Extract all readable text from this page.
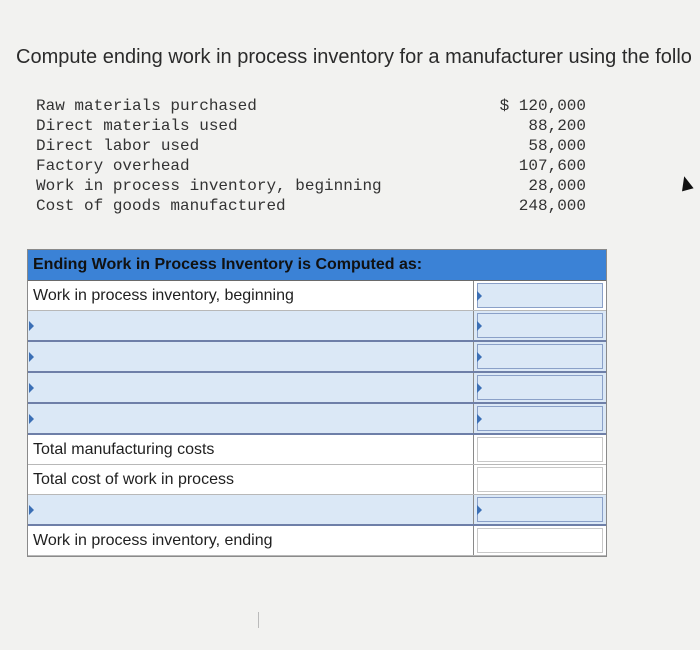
Compute ending work in process inventory for a manufacturer using the follo
Raw materials purchased	$ 120,000
Direct materials used	88,200
Direct labor used	58,000
Factory overhead	107,600
Work in process inventory, beginning	28,000
Cost of goods manufactured	248,000
Ending Work in Process Inventory is Computed as:
Work in process inventory, beginning
Total manufacturing costs
Total cost of work in process
Work in process inventory, ending
